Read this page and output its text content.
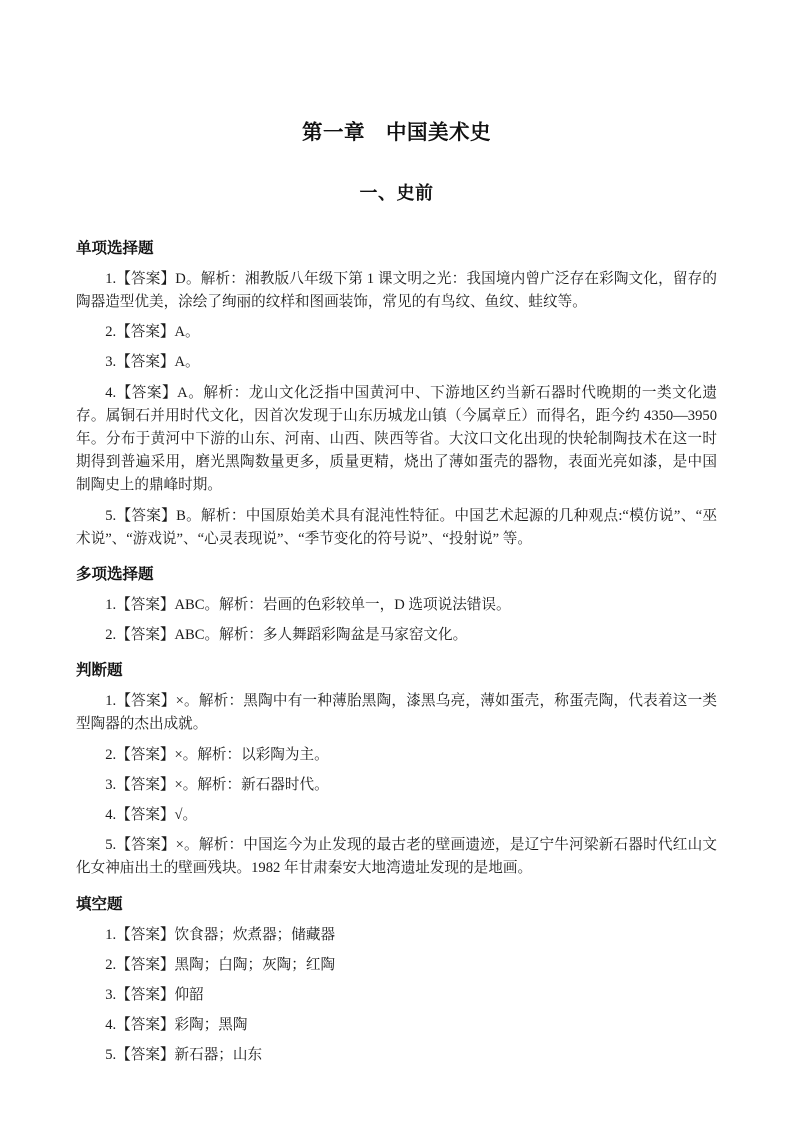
第一章　中国美术史
一、史前
单项选择题

1.【答案】D。解析：湘教版八年级下第 1 课文明之光：我国境内曾广泛存在彩陶文化，留存的陶器造型优美，涂绘了绚丽的纹样和图画装饰，常见的有鸟纹、鱼纹、蛙纹等。

2.【答案】A。

3.【答案】A。

4.【答案】A。解析：龙山文化泛指中国黄河中、下游地区约当新石器时代晚期的一类文化遗存。属铜石并用时代文化，因首次发现于山东历城龙山镇（今属章丘）而得名，距今约 4350—3950 年。分布于黄河中下游的山东、河南、山西、陕西等省。大汶口文化出现的快轮制陶技术在这一时期得到普遍采用，磨光黑陶数量更多，质量更精，烧出了薄如蛋壳的器物，表面光亮如漆，是中国制陶史上的鼎峰时期。

5.【答案】B。解析：中国原始美术具有混沌性特征。中国艺术起源的几种观点:“模仿说”、“巫术说”、“游戏说”、“心灵表现说”、“季节变化的符号说”、“投射说” 等。

多项选择题

1.【答案】ABC。解析：岩画的色彩较单一，D 选项说法错误。

2.【答案】ABC。解析：多人舞蹈彩陶盆是马家窑文化。

判断题

1.【答案】×。解析：黑陶中有一种薄胎黑陶，漆黑乌亮，薄如蛋壳，称蛋壳陶，代表着这一类型陶器的杰出成就。

2.【答案】×。解析：以彩陶为主。

3.【答案】×。解析：新石器时代。

4.【答案】√。

5.【答案】×。解析：中国迄今为止发现的最古老的壁画遗迹，是辽宁牛河梁新石器时代红山文化女神庙出土的壁画残块。1982 年甘肃秦安大地湾遗址发现的是地画。

填空题

1.【答案】饮食器；炊煮器；储藏器

2.【答案】黑陶；白陶；灰陶；红陶

3.【答案】仰韶

4.【答案】彩陶；黑陶

5.【答案】新石器；山东
